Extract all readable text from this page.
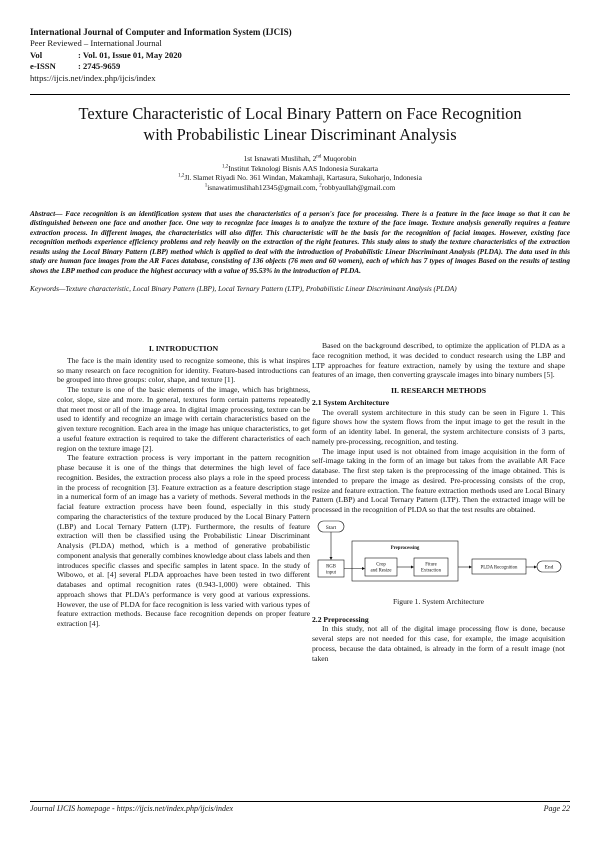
International Journal of Computer and Information System (IJCIS)
Peer Reviewed – International Journal
Vol	: Vol. 01, Issue 01, May 2020
e-ISSN	: 2745-9659
https://ijcis.net/index.php/ijcis/index
Texture Characteristic of Local Binary Pattern on Face Recognition
with Probabilistic Linear Discriminant Analysis
1st Isnawati Muslihah, 2nd Muqorobin
$^{1,2}$Institut Teknologi Bisnis AAS Indonesia Surakarta
$^{1,2}$Jl. Slamet Riyadi No. 361 Windan, Makamhaji, Kartasura, Sukoharjo, Indonesia
$^1$isnawatimuslihah12345@gmail.com, $^2$robbyaullah@gmail.com
Abstract— Face recognition is an identification system that uses the characteristics of a person's face for processing. There is a feature in the face image so that it can be distinguished between one face and another face. One way to recognize face images is to analyze the texture of the face image. Texture analysis generally requires a feature extraction process. In different images, the characteristics will also differ. This characteristic will be the basis for the recognition of facial images. However, existing face recognition methods experience efficiency problems and rely heavily on the extraction of the right features. This study aims to study the texture characteristics of the extraction results using the Local Binary Pattern (LBP) method which is applied to deal with the introduction of Probabilistic Linear Discriminant Analysis (PLDA). The data used in this study are human face images from the AR Faces database, consisting of 136 objects (76 men and 60 women), each of which has 7 types of images Based on the results of testing shows the LBP method can produce the highest accuracy with a value of 95.53% in the introduction of PLDA.
Keywords—Texture characteristic, Local Binary Pattern (LBP), Local Ternary Pattern (LTP), Probabilistic Linear Discriminant Analysis (PLDA)
I. INTRODUCTION

The face is the main identity used to recognize someone, this is what inspires so many research on face recognition for identity. Feature-based introductions can be grouped into three groups: color, shape, and texture [1].

The texture is one of the basic elements of the image, which has brightness, color, slope, size and more. In general, textures form certain patterns repeatedly that meet most or all of the image area. In digital image processing, texture can be used to identify and recognize an image with certain characteristics based on the given texture recognition. Each area in the image has unique characteristics, to get a useful feature extraction is required to take the different characteristics of each region on the texture image [2].

The feature extraction process is very important in the pattern recognition phase because it is one of the things that determines the high level of face recognition. Besides, the extraction process also plays a role in the speed process in the process of recognition [3]. Feature extraction as a feature description stage in a numerical form of an image has a variety of methods. Several methods in the facial feature extraction process have been found, especially in this study comparing the characteristics of the texture produced by the Local Binary Pattern (LBP) and Local Ternary Pattern (LTP). Furthermore, the results of feature extraction will then be classified using the Probabilistic Linear Discriminant Analysis (PLDA) method, which is a method of generative probabilistic component analysis that generally combines knowledge about class labels and then introduces specific classes and specific samples in latent space. In the study of Wibowo, et al. [4] several PLDA approaches have been tested in two different databases and optimal recognition rates (0.943-1,000) were obtained. This approach shows that PLDA's performance is very good at various expressions. However, the use of PLDA for face recognition is less varied with various types of feature extraction methods. Because face recognition depends on proper feature extraction [4].

Based on the background described, to optimize the application of PLDA as a face recognition method, it was decided to conduct research using the LBP and LTP approaches for feature extraction, namely by using the texture and shape features of an image, then converting grayscale images into binary numbers [5].

II. RESEARCH METHODS
2.1 System Architecture

The overall system architecture in this study can be seen in Figure 1. This figure shows how the system flows from the input image to get the result in the form of an identity label. In general, the system architecture consists of 3 parts, namely pre-processing, recognition, and testing.

The image input used is not obtained from image acquisition in the form of self-image taking in the form of an image but takes from the available AR Face database. The first step taken is the preprocessing of the image obtained. This is intended to prepare the image as desired. Pre-processing consists of the crop, resize and feature extraction. The feature extraction methods used are Local Binary Pattern (LBP) and Local Ternary Pattern (LTP). Then the extracted image will be processed in the recognition of PLDA so that the test results are obtained.

Start
Preprocessing
RGB
input
Crop
and Resize
Fiture
Extraction
PLDA Recognition	End
Figure 1. System Architecture
2.2 Preprocessing

In this study, not all of the digital image processing flow is done, because several steps are not needed for this case, for example, the image acquisition process, because the data obtained, is already in the form of a result image (not taken

Journal IJCIS homepage - https://ijcis.net/index.php/ijcis/index	Page 22
